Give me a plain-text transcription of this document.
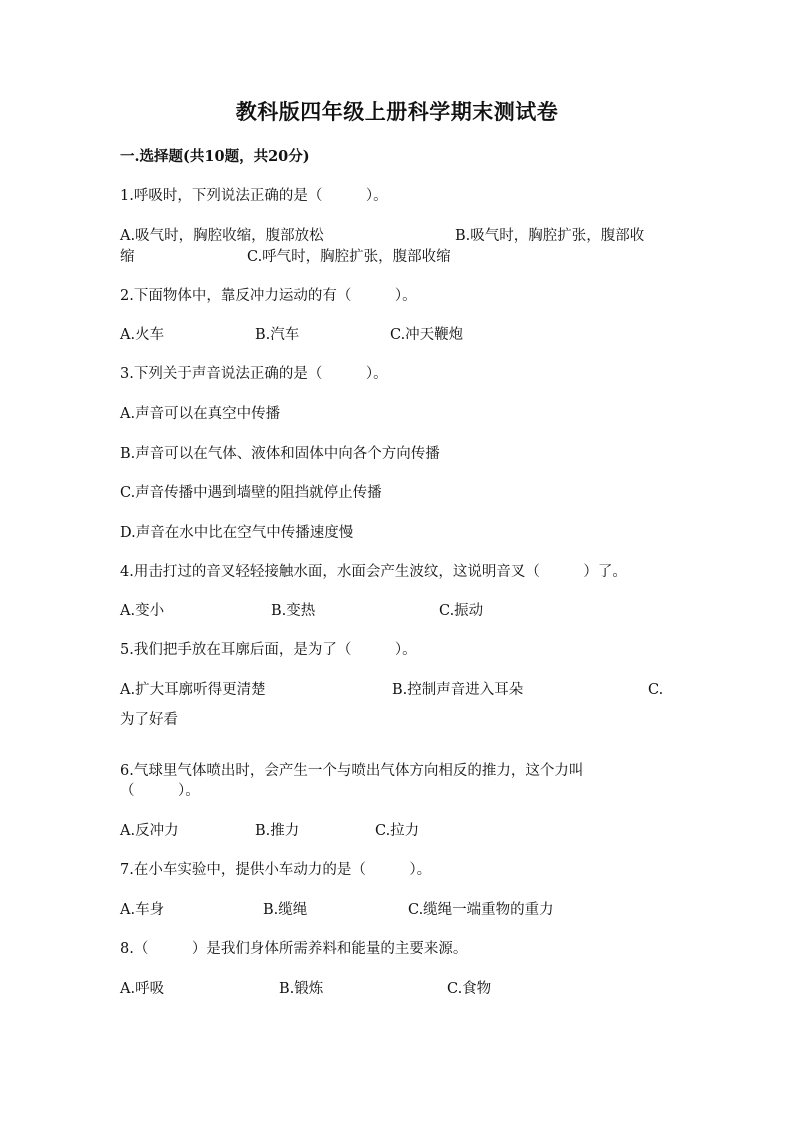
教科版四年级上册科学期末测试卷
一.选择题(共10题，共20分)
1.呼吸时，下列说法正确的是（　　　）。
A.吸气时，胸腔收缩，腹部放松	B.吸气时，胸腔扩张，腹部收
缩	C.呼气时，胸腔扩张，腹部收缩
2.下面物体中，靠反冲力运动的有（　　　）。
A.火车	B.汽车	C.冲天鞭炮
3.下列关于声音说法正确的是（　　　）。
A.声音可以在真空中传播
B.声音可以在气体、液体和固体中向各个方向传播
C.声音传播中遇到墙壁的阻挡就停止传播
D.声音在水中比在空气中传播速度慢
4.用击打过的音叉轻轻接触水面，水面会产生波纹，这说明音叉（　　　）了。
A.变小	B.变热	C.振动
5.我们把手放在耳廓后面，是为了（　　　）。
A.扩大耳廓听得更清楚	B.控制声音进入耳朵	C.
为了好看
6.气球里气体喷出时，会产生一个与喷出气体方向相反的推力，这个力叫
（　　　）。
A.反冲力	B.推力	C.拉力
7.在小车实验中，提供小车动力的是（　　　）。
A.车身	B.缆绳	C.缆绳一端重物的重力
8.（　　　）是我们身体所需养料和能量的主要来源。
A.呼吸	B.锻炼	C.食物
